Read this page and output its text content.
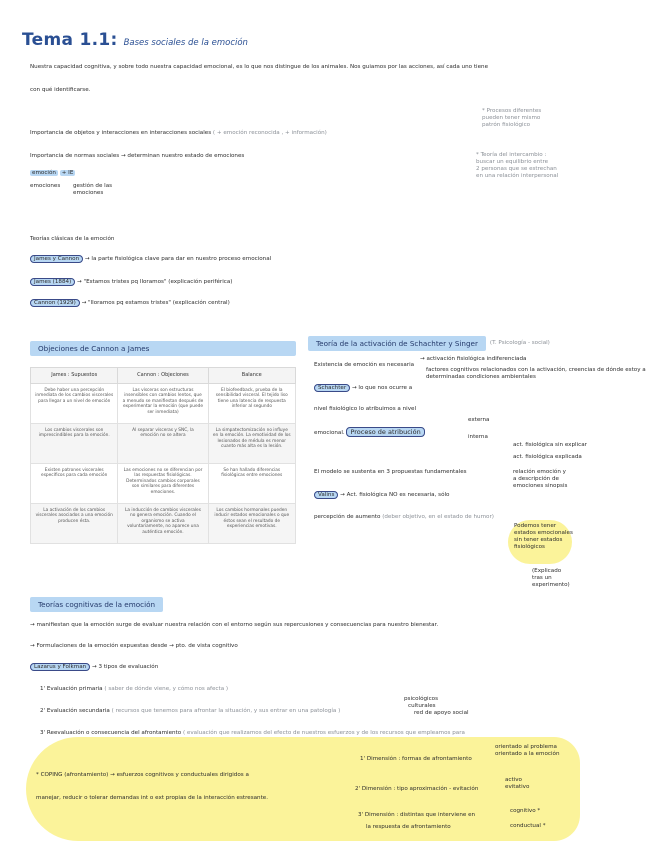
Tema 1.1: Bases sociales de la emoción
Nuestra capacidad cognitiva, y sobre todo nuestra capacidad emocional, es lo que nos distingue de los animales. Nos guiamos por las acciones, así cada uno tiene
con qué identificarse.
* Procesos diferentes
pueden tener mismo
patrón fisiológico
* Teoría del intercambio :
buscar un equilibrio entre
2 personas que se estrechan
en una relación interpersonal
Importancia de objetos y interacciones en interacciones sociales ( + emoción reconocida , + información)
Importancia de normas sociales → determinan nuestro estado de emociones
emoción + IE
emociones gestión de las emociones
Teorías clásicas de la emoción
James y Cannon → la parte fisiológica clave para dar en nuestro proceso emocional
James (1884) → "Estamos tristes pq lloramos" (explicación periférica)
Cannon (1929) → "lloramos pq estamos tristes" (explicación central)
Objeciones de Cannon a James
James : Supuestos	Cannon : Objeciones	Balance
Debe haber una percepción inmediata de los cambios viscerales para llegar a un nivel de emoción	Las vísceras son estructuras insensibles con cambios lentos, que a menudo se manifiestan después de experimentar la emoción (que puede ser inmediata)	El biofeedback, prueba de la sensibilidad visceral. El tejido liso tiene una latencia de respuesta inferior al segundo
Los cambios viscerales son imprescindibles para la emoción.	Al separar vísceras y SNC, la emoción no se altera	La simpatectomización no influye en la emoción. La emotividad de los lesionados de médula es menor cuanto más alta es la lesión.
Existen patrones viscerales específicos para cada emoción	Las emociones no se diferencian por las respuestas fisiológicas. Determinados cambios corporales son similares para diferentes emociones.	Se han hallado diferencias fisiológicas entre emociones
La activación de los cambios viscerales asociados a una emoción producen ésta.	La inducción de cambios viscerales no genera emoción. Cuando el organismo se activa voluntariamente, no aparece una auténtica emoción.	Los cambios hormonales pueden inducir estados emocionales o que éstos sean el resultado de experiencias emotivas.
Teoría de la activación de Schachter y Singer	(T. Psicología - social)
Existencia de emoción es necesaria
→ activación fisiológica indiferenciada
factores cognitivos relacionados con la activación, creencias de dónde estoy a
determinadas condiciones ambientales
Schachter → lo que nos ocurre a
nivel fisiológico lo atribuimos a nivel
emocional. Proceso de atribución
externa
interna
El modelo se sustenta en 3 propuestas fundamentales
act. fisiológica sin explicar
act. fisiológica explicada
relación emoción y
a descripción de
emociones sinopsis
Valins → Act. fisiológica NO es necesaria, sólo
percepción de aumento (deber objetivo, en el estado de humor)
Podemos tener
estados emocionales
sin tener estados
fisiológicos
(Explicado
tras un
experimento)
Teorías cognitivas de la emoción
→ manifiestan que la emoción surge de evaluar nuestra relación con el entorno según sus repercusiones y consecuencias para nuestro bienestar.
→ Formulaciones de la emoción expuestas desde → pto. de vista cognitivo
Lazarus y Folkman → 3 tipos de evaluación
1' Evaluación primaria ( saber de dónde viene, y cómo nos afecta )
2' Evaluación secundaria ( recursos que tenemos para afrontar la situación, y sus entrar en una patología )
psicológicos
culturales
red de apoyo social
3' Reevaluación o consecuencia del afrontamiento ( evaluación que realizamos del efecto de nuestros esfuerzos y de los recursos que empleamos para
* COPING (afrontamiento) → esfuerzos cognitivos y conductuales dirigidos a
manejar, reducir o tolerar demandas int o ext propias de la interacción estresante.
1' Dimensión : formas de afrontamiento
orientado al problema
orientado a la emoción
2' Dimensión : tipo aproximación - evitación
activo
evitativo
3' Dimensión : distintas que interviene en
la respuesta de afrontamiento
cognitivo *
conductual *
